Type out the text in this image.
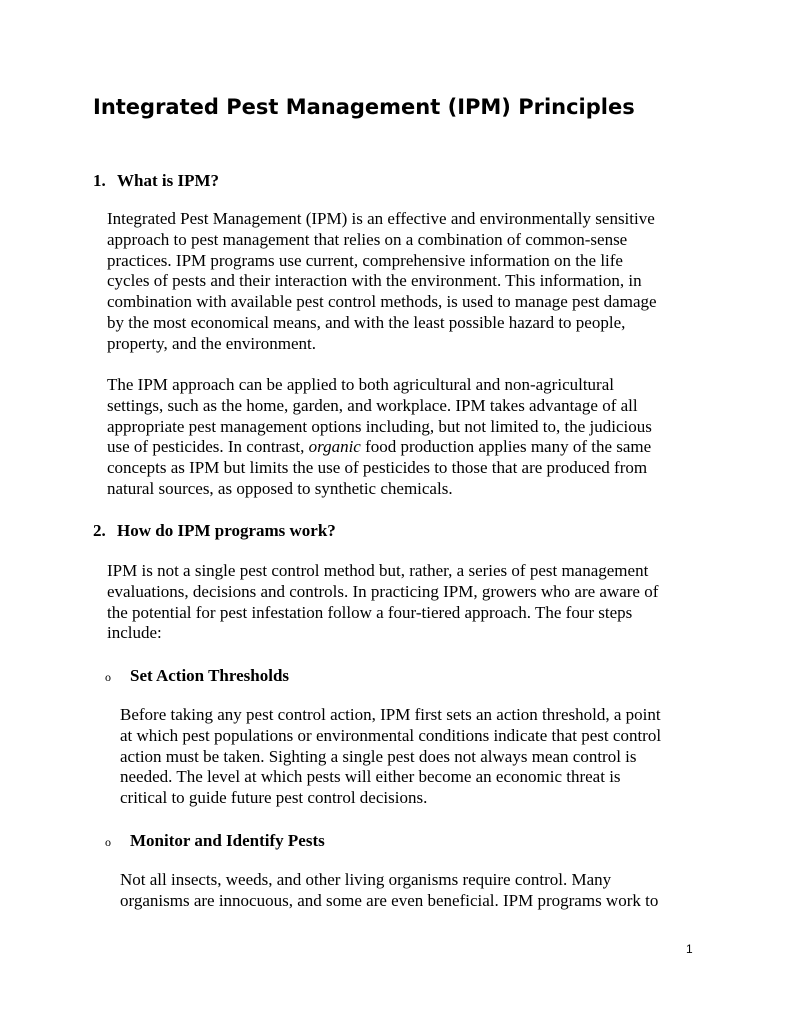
Integrated Pest Management (IPM) Principles
1. What is IPM?
Integrated Pest Management (IPM) is an effective and environmentally sensitive
approach to pest management that relies on a combination of common-sense
practices. IPM programs use current, comprehensive information on the life
cycles of pests and their interaction with the environment. This information, in
combination with available pest control methods, is used to manage pest damage
by the most economical means, and with the least possible hazard to people,
property, and the environment.
The IPM approach can be applied to both agricultural and non-agricultural
settings, such as the home, garden, and workplace. IPM takes advantage of all
appropriate pest management options including, but not limited to, the judicious
use of pesticides. In contrast, organic food production applies many of the same
concepts as IPM but limits the use of pesticides to those that are produced from
natural sources, as opposed to synthetic chemicals.
2. How do IPM programs work?
IPM is not a single pest control method but, rather, a series of pest management
evaluations, decisions and controls. In practicing IPM, growers who are aware of
the potential for pest infestation follow a four-tiered approach. The four steps
include:
o Set Action Thresholds
Before taking any pest control action, IPM first sets an action threshold, a point
at which pest populations or environmental conditions indicate that pest control
action must be taken. Sighting a single pest does not always mean control is
needed. The level at which pests will either become an economic threat is
critical to guide future pest control decisions.
o Monitor and Identify Pests
Not all insects, weeds, and other living organisms require control. Many
organisms are innocuous, and some are even beneficial. IPM programs work to
1
